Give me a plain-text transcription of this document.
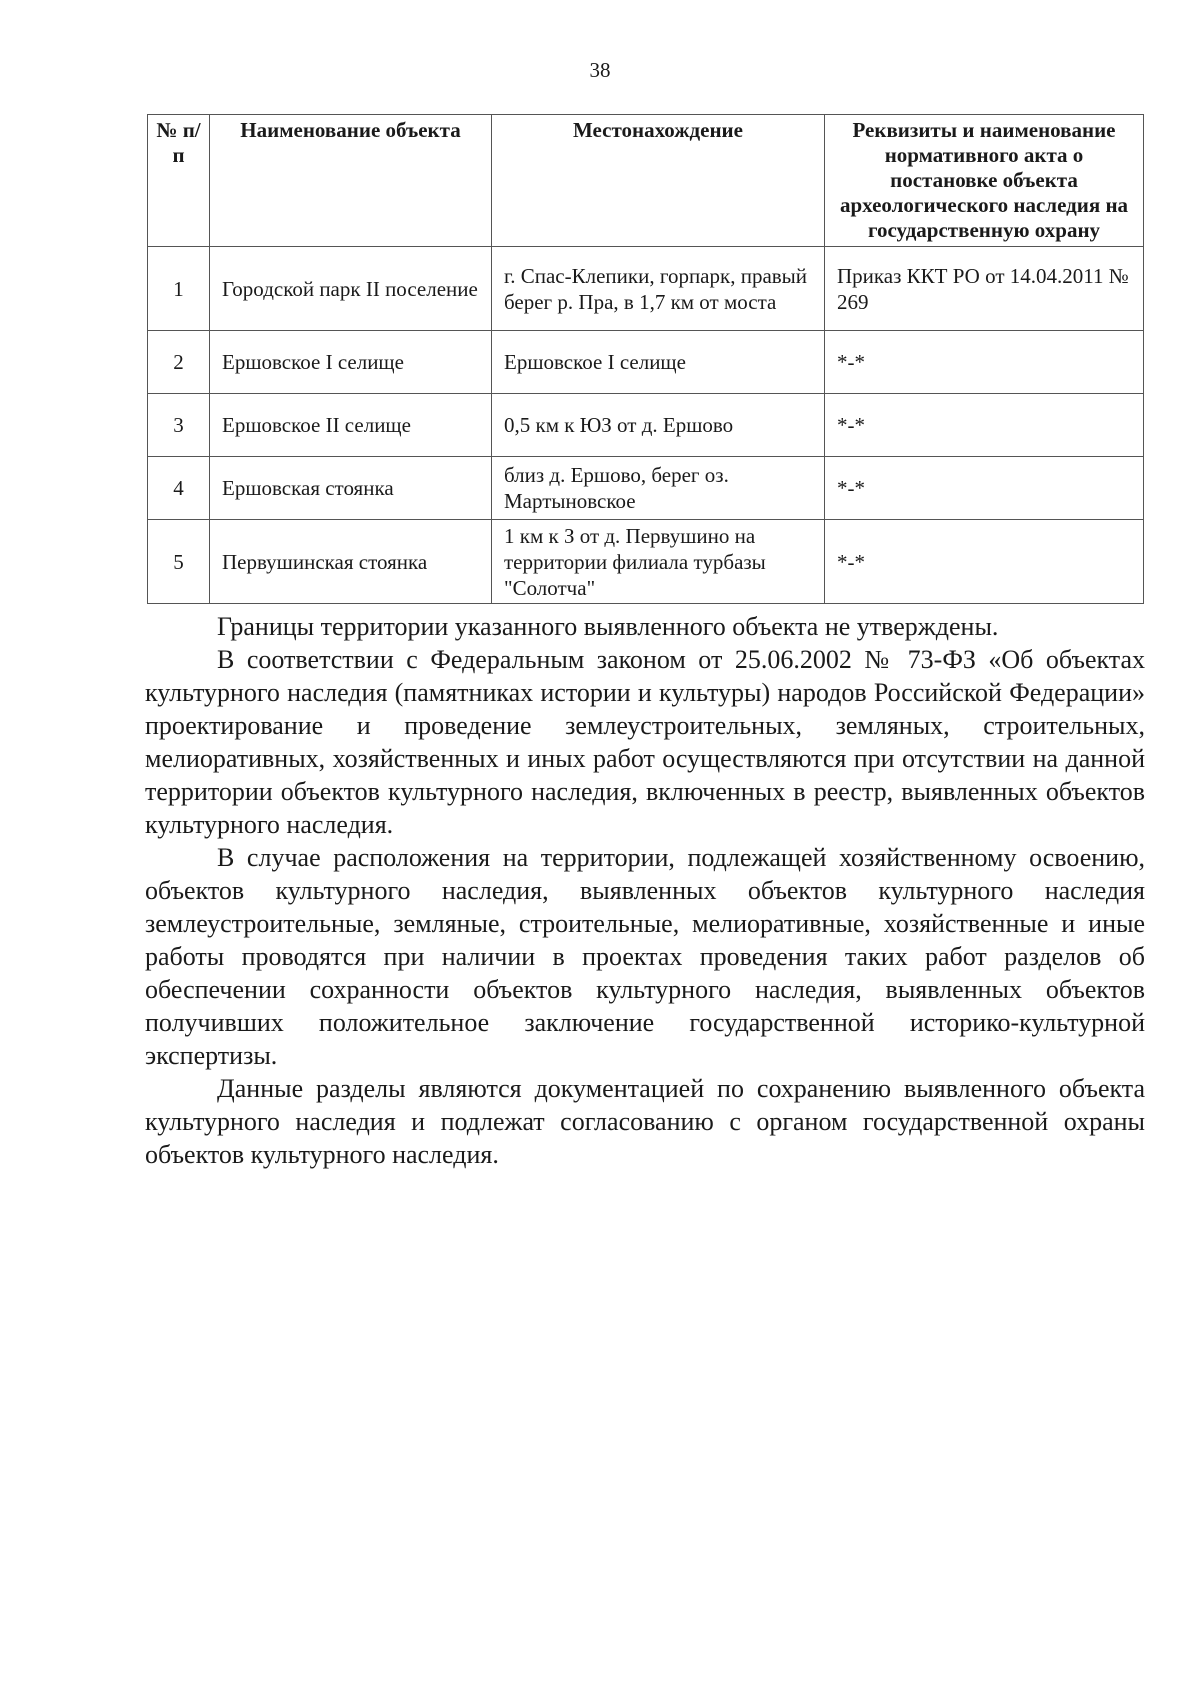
38
№ п/п	Наименование объекта	Местонахождение	Реквизиты и наименование нормативного акта о постановке объекта археологического наследия на государственную охрану
1	Городской парк II поселение	г. Спас-Клепики, горпарк, правый берег р. Пра, в 1,7 км от моста	Приказ ККТ РО от 14.04.2011 № 269
2	Ершовское I селище	Ершовское I селище	*-*
3	Ершовское II селище	0,5 км к ЮЗ от д. Ершово	*-*
4	Ершовская стоянка	близ д. Ершово, берег оз. Мартыновское	*-*
5	Первушинская стоянка	1 км к З от д. Первушино на территории филиала турбазы "Солотча"	*-*

Границы территории указанного выявленного объекта не утверждены.

В соответствии с Федеральным законом от 25.06.2002 № 73-ФЗ «Об объектах культурного наследия (памятниках истории и культуры) народов Российской Федерации» проектирование и проведение землеустроительных, земляных, строительных, мелиоративных, хозяйственных и иных работ осуществляются при отсутствии на данной территории объектов культурного наследия, включенных в реестр, выявленных объектов культурного наследия.

В случае расположения на территории, подлежащей хозяйственному освоению, объектов культурного наследия, выявленных объектов культурного наследия землеустроительные, земляные, строительные, мелиоративные, хозяйственные и иные работы проводятся при наличии в проектах проведения таких работ разделов об обеспечении сохранности объектов культурного наследия, выявленных объектов получивших положительное заключение государственной историко-культурной экспертизы.

Данные разделы являются документацией по сохранению выявленного объекта культурного наследия и подлежат согласованию с органом государственной охраны объектов культурного наследия.
